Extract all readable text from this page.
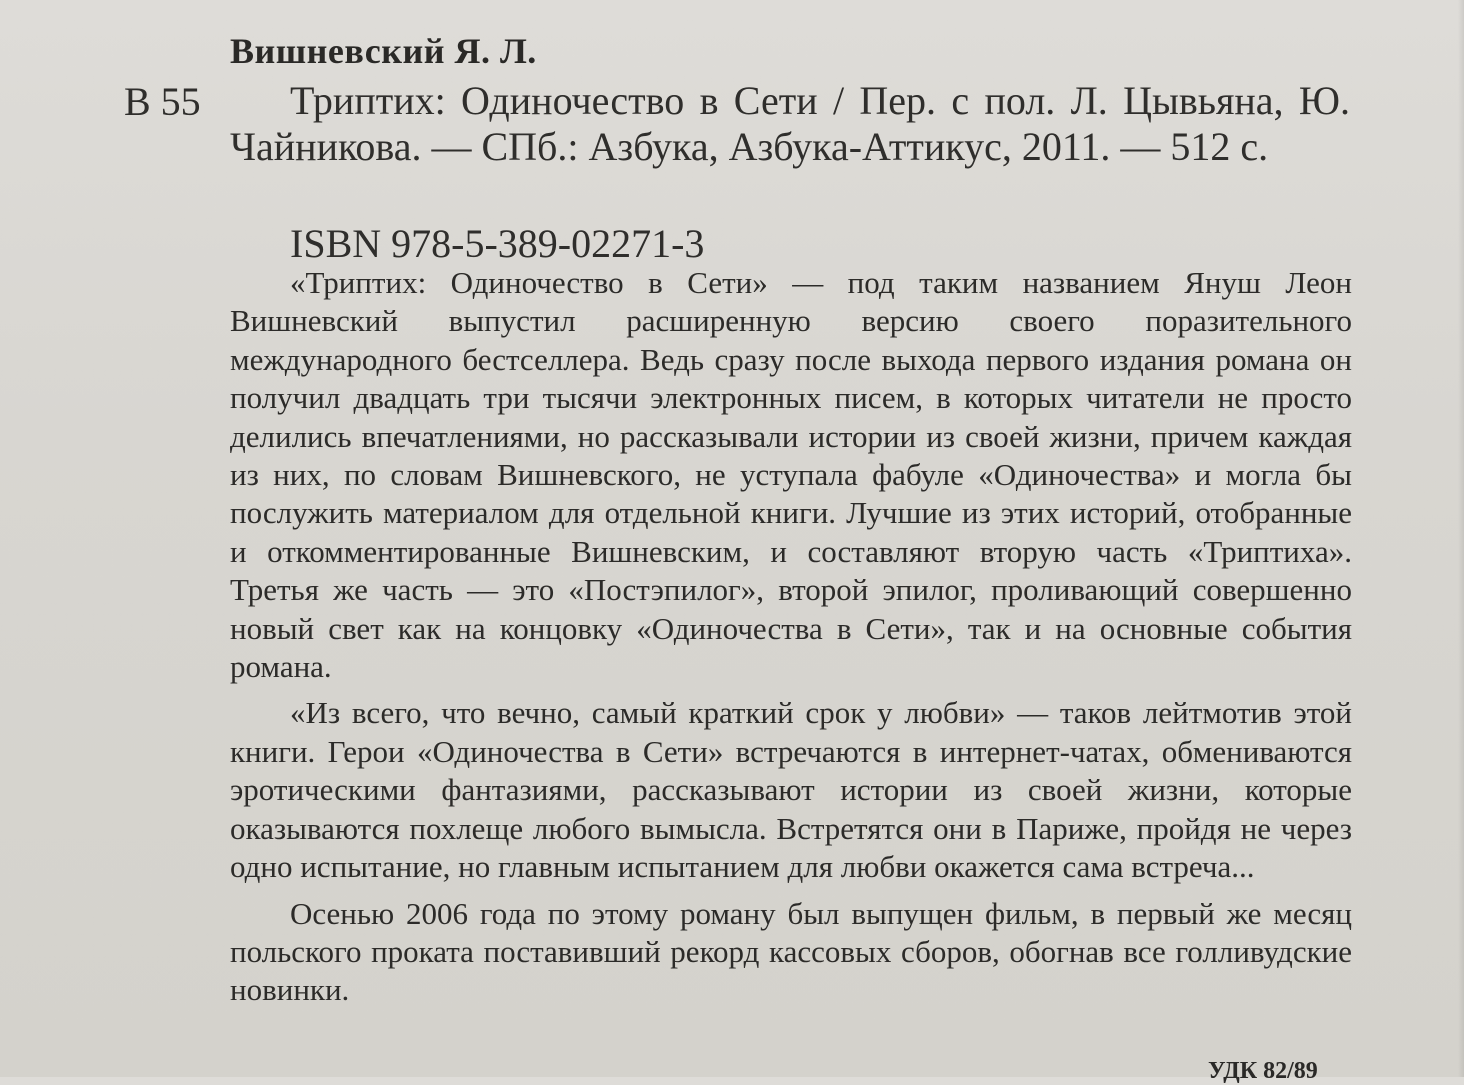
Вишневский Я. Л.
В 55	Триптих: Одиночество в Сети / Пер. с пол. Л. Цывьяна, Ю. Чайникова. — СПб.: Азбука, Азбука-Аттикус, 2011. — 512 с.
ISBN 978-5-389-02271-3

«Триптих: Одиночество в Сети» — под таким названием Януш Леон Вишневский выпустил расширенную версию своего поразительного международного бестселлера. Ведь сразу после выхода первого издания романа он получил двадцать три тысячи электронных писем, в которых читатели не просто делились впечатлениями, но рассказывали истории из своей жизни, причем каждая из них, по словам Вишневского, не уступала фабуле «Одиночества» и могла бы послужить материалом для отдельной книги. Лучшие из этих историй, отобранные и откомментированные Вишневским, и составляют вторую часть «Триптиха». Третья же часть — это «Постэпилог», второй эпилог, проливающий совершенно новый свет как на концовку «Одиночества в Сети», так и на основные события романа.

«Из всего, что вечно, самый краткий срок у любви» — таков лейтмотив этой книги. Герои «Одиночества в Сети» встречаются в интернет-чатах, обмениваются эротическими фантазиями, рассказывают истории из своей жизни, которые оказываются похлеще любого вымысла. Встретятся они в Париже, пройдя не через одно испытание, но главным испытанием для любви окажется сама встреча...

Осенью 2006 года по этому роману был выпущен фильм, в первый же месяц польского проката поставивший рекорд кассовых сборов, обогнав все голливудские новинки.

УДК 82/89
